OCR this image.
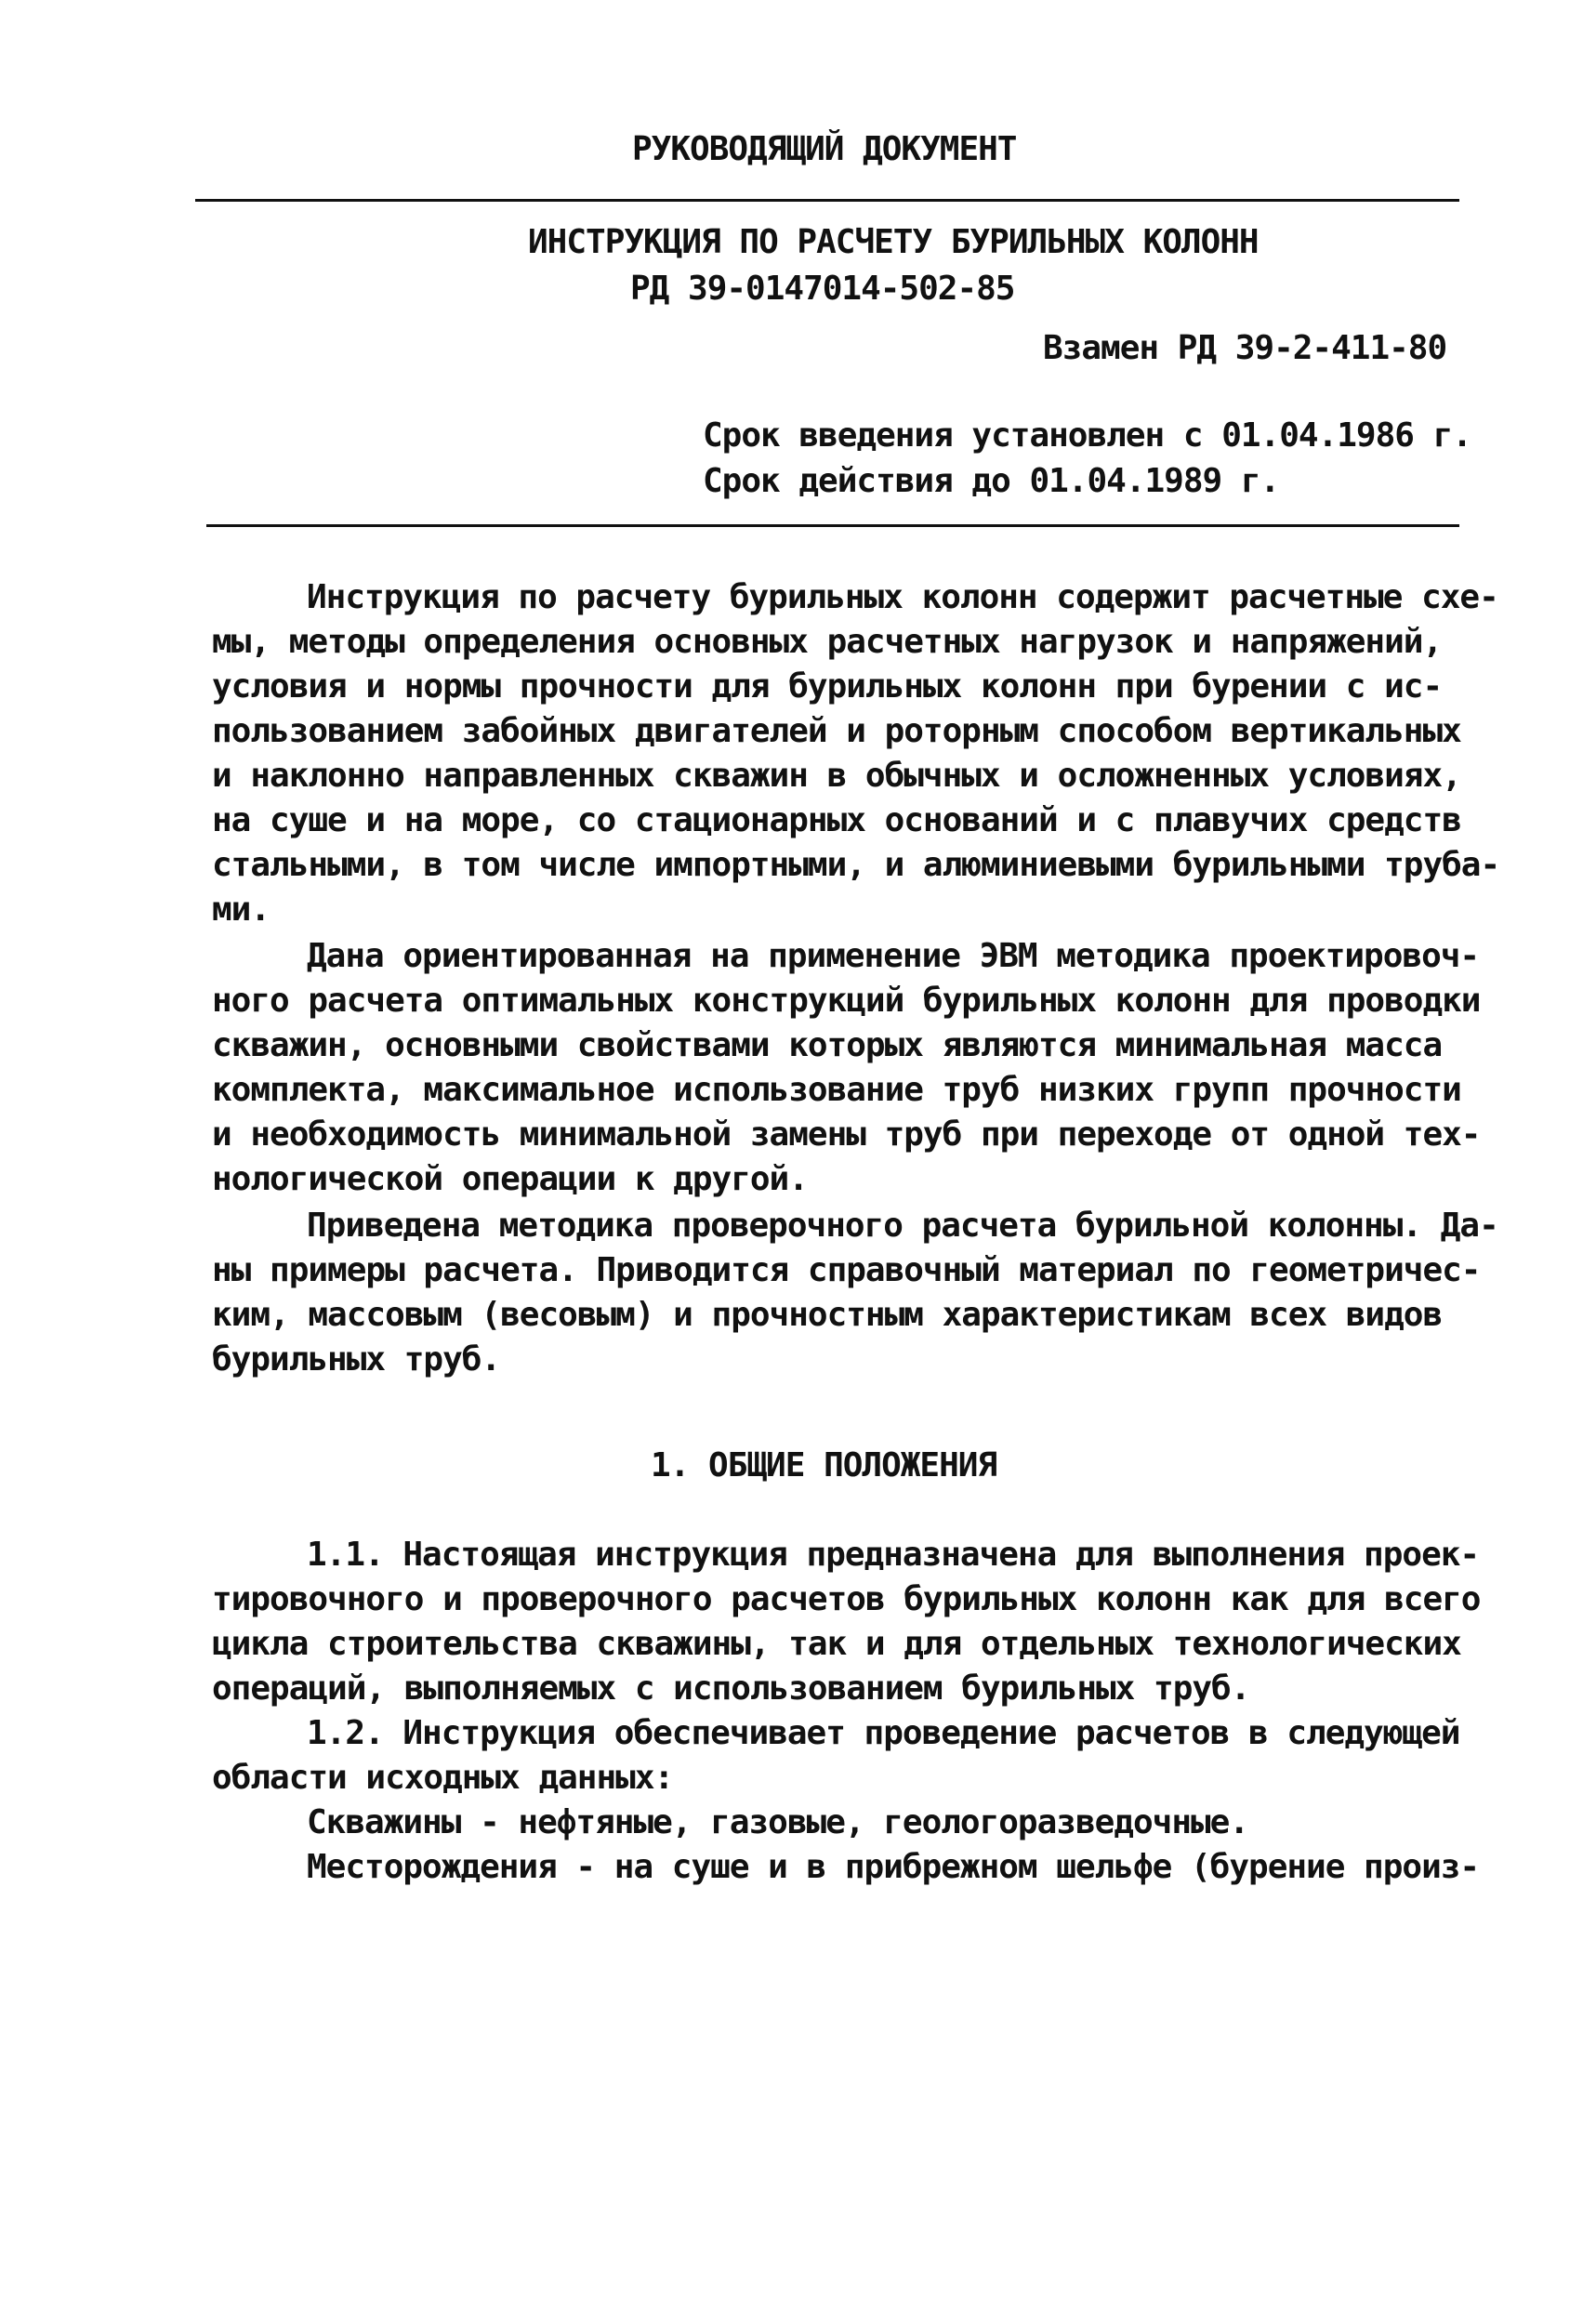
РУКОВОДЯЩИЙ ДОКУМЕНТ
ИНСТРУКЦИЯ ПО РАСЧЕТУ БУРИЛЬНЫХ КОЛОНН
РД 39-0147014-502-85
Взамен РД 39-2-411-80
Срок введения установлен с 01.04.1986 г.
Срок действия до 01.04.1989 г.
Инструкция по расчету бурильных колонн содержит расчетные схе-
мы, методы определения основных расчетных нагрузок и напряжений,
условия и нормы прочности для бурильных колонн при бурении с ис-
пользованием забойных двигателей и роторным способом вертикальных
и наклонно направленных скважин в обычных и осложненных условиях,
на суше и на море, со стационарных оснований и с плавучих средств
стальными, в том числе импортными, и алюминиевыми бурильными труба-
ми.
Дана ориентированная на применение ЭВМ методика проектировоч-
ного расчета оптимальных конструкций бурильных колонн для проводки
скважин, основными свойствами которых являются минимальная масса
комплекта, максимальное использование труб низких групп прочности
и необходимость минимальной замены труб при переходе от одной тех-
нологической операции к другой.
Приведена методика проверочного расчета бурильной колонны. Да-
ны примеры расчета. Приводится справочный материал по геометричес-
ким, массовым (весовым) и прочностным характеристикам всех видов
бурильных труб.
1. ОБЩИЕ ПОЛОЖЕНИЯ
1.1. Настоящая инструкция предназначена для выполнения проек-
тировочного и проверочного расчетов бурильных колонн как для всего
цикла строительства скважины, так и для отдельных технологических
операций, выполняемых с использованием бурильных труб.
1.2. Инструкция обеспечивает проведение расчетов в следующей
области исходных данных:
Скважины - нефтяные, газовые, геологоразведочные.
Месторождения - на суше и в прибрежном шельфе (бурение произ-
